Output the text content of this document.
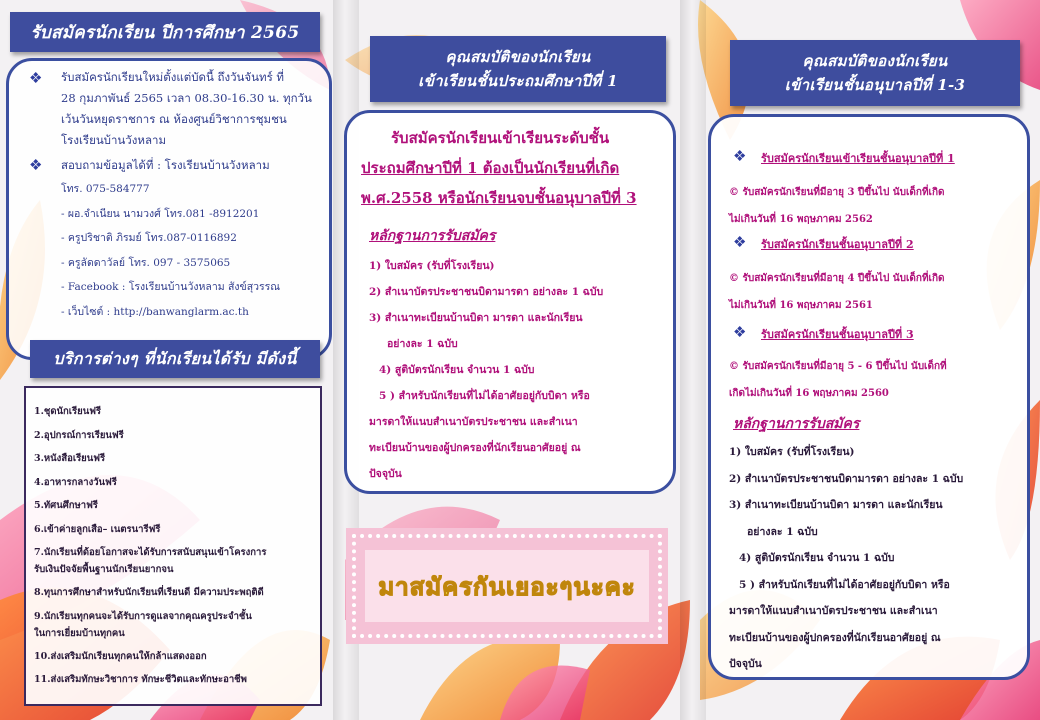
รับสมัครนักเรียน ปีการศึกษา 2565
❖ รับสมัครนักเรียนใหม่ตั้งแต่บัดนี้ ถึงวันจันทร์ ที่
28 กุมภาพันธ์ 2565 เวลา 08.30-16.30 น. ทุกวัน
เว้นวันหยุดราชการ ณ ห้องศูนย์วิชาการชุมชน
โรงเรียนบ้านวังหลาม
❖ สอบถามข้อมูลได้ที่ : โรงเรียนบ้านวังหลาม
โทร. 075-584777
- ผอ.จำเนียน นามวงศ์ โทร.081 -8912201
- ครูปริชาติ ภิรมย์ โทร.087-0116892
- ครูลัดดาวัลย์ โทร. 097 - 3575065
- Facebook : โรงเรียนบ้านวังหลาม สังข์สุวรรณ
- เว็บไซต์ : http://banwanglarm.ac.th
บริการต่างๆ ที่นักเรียนได้รับ มีดังนี้
1.ชุดนักเรียนฟรี
2.อุปกรณ์การเรียนฟรี
3.หนังสือเรียนฟรี
4.อาหารกลางวันฟรี
5.ทัศนศึกษาฟรี
6.เข้าค่ายลูกเสือ– เนตรนารีฟรี
7.นักเรียนที่ด้อยโอกาสจะได้รับการสนับสนุนเข้าโครงการ
รับเงินปัจจัยพื้นฐานนักเรียนยากจน
8.ทุนการศึกษาสำหรับนักเรียนที่เรียนดี มีความประพฤติดี
9.นักเรียนทุกคนจะได้รับการดูแลจากคุณครูประจำชั้น
ในการเยี่ยมบ้านทุกคน
10.ส่งเสริมนักเรียนทุกคนให้กล้าแสดงออก
11.ส่งเสริมทักษะวิชาการ ทักษะชีวิตและทักษะอาชีพ
คุณสมบัติของนักเรียน
เข้าเรียนชั้นประถมศึกษาปีที่ 1
รับสมัครนักเรียนเข้าเรียนระดับชั้น
ประถมศึกษาปีที่ 1 ต้องเป็นนักเรียนที่เกิด
พ.ศ.2558 หรือนักเรียนจบชั้นอนุบาลปีที่ 3
หลักฐานการรับสมัคร
1) ใบสมัคร (รับที่โรงเรียน)
2) สำเนาบัตรประชาชนบิดามารดา อย่างละ 1 ฉบับ
3) สำเนาทะเบียนบ้านบิดา มารดา และนักเรียน
อย่างละ 1 ฉบับ
4) สูติบัตรนักเรียน จำนวน 1 ฉบับ
5 ) สำหรับนักเรียนที่ไม่ได้อาศัยอยู่กับบิดา หรือ
มารดาให้แนบสำเนาบัตรประชาชน และสำเนา
ทะเบียนบ้านของผู้ปกครองที่นักเรียนอาศัยอยู่ ณ
ปัจจุบัน
มาสมัครกันเยอะๆนะคะ
คุณสมบัติของนักเรียน
เข้าเรียนชั้นอนุบาลปีที่ 1-3
❖ รับสมัครนักเรียนเข้าเรียนชั้นอนุบาลปีที่ 1
© รับสมัครนักเรียนที่มีอายุ 3 ปีขึ้นไป นับเด็กที่เกิด
ไม่เกินวันที่ 16 พฤษภาคม 2562
❖ รับสมัครนักเรียนชั้นอนุบาลปีที่ 2
© รับสมัครนักเรียนที่มีอายุ 4 ปีขึ้นไป นับเด็กที่เกิด
ไม่เกินวันที่ 16 พฤษภาคม 2561
❖ รับสมัครนักเรียนชั้นอนุบาลปีที่ 3
© รับสมัครนักเรียนที่มีอายุ 5 - 6 ปีขึ้นไป นับเด็กที่
เกิดไม่เกินวันที่ 16 พฤษภาคม 2560
หลักฐานการรับสมัคร
1) ใบสมัคร (รับที่โรงเรียน)
2) สำเนาบัตรประชาชนบิดามารดา อย่างละ 1 ฉบับ
3) สำเนาทะเบียนบ้านบิดา มารดา และนักเรียน
อย่างละ 1 ฉบับ
4) สูติบัตรนักเรียน จำนวน 1 ฉบับ
5 ) สำหรับนักเรียนที่ไม่ได้อาศัยอยู่กับบิดา หรือ
มารดาให้แนบสำเนาบัตรประชาชน และสำเนา
ทะเบียนบ้านของผู้ปกครองที่นักเรียนอาศัยอยู่ ณ
ปัจจุบัน
